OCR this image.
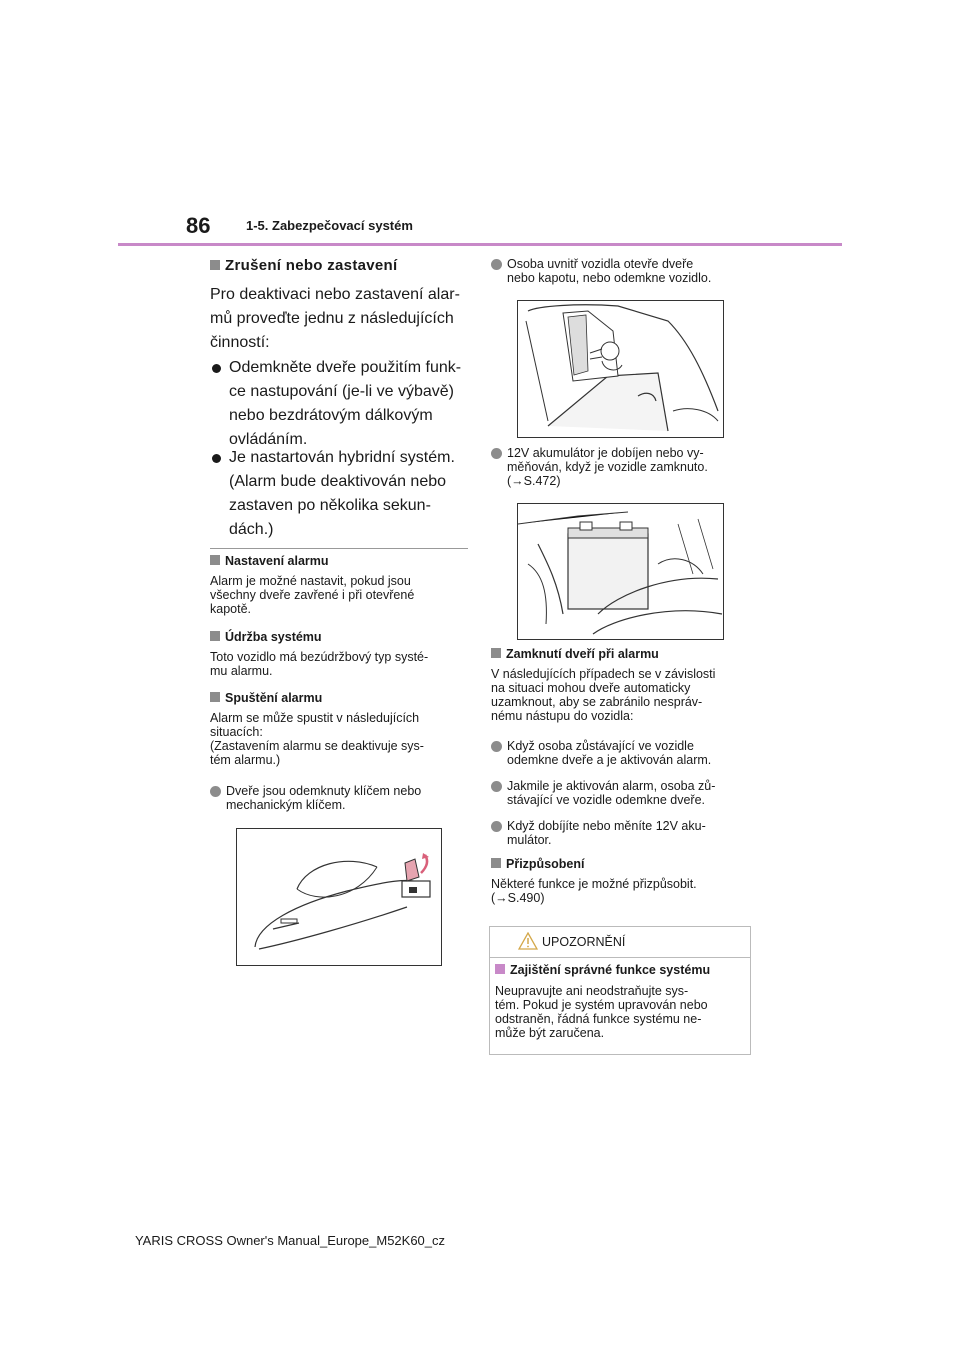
86	1-5. Zabezpečovací systém
Zrušení nebo zastavení
Pro deaktivaci nebo zastavení alar-
mů proveďte jednu z následujících
činností:
Odemkněte dveře použitím funk-
ce nastupování (je-li ve výbavě)
nebo bezdrátovým dálkovým
ovládáním.
Je nastartován hybridní systém.
(Alarm bude deaktivován nebo
zastaven po několika sekun-
dách.)
Nastavení alarmu
Alarm je možné nastavit, pokud jsou
všechny dveře zavřené i při otevřené
kapotě.
Údržba systému
Toto vozidlo má bezúdržbový typ systé-
mu alarmu.
Spuštění alarmu
Alarm se může spustit v následujících
situacích:
(Zastavením alarmu se deaktivuje sys-
tém alarmu.)
Dveře jsou odemknuty klíčem nebo
mechanickým klíčem.
Osoba uvnitř vozidla otevře dveře
nebo kapotu, nebo odemkne vozidlo.
12V akumulátor je dobíjen nebo vy-
měňován, když je vozidle zamknuto.
(→S.472)
Zamknutí dveří při alarmu
V následujících případech se v závislosti
na situaci mohou dveře automaticky
uzamknout, aby se zabránilo nespráv-
nému nástupu do vozidla:
Když osoba zůstávající ve vozidle
odemkne dveře a je aktivován alarm.
Jakmile je aktivován alarm, osoba zů-
stávající ve vozidle odemkne dveře.
Když dobíjíte nebo měníte 12V aku-
mulátor.
Přizpůsobení
Některé funkce je možné přizpůsobit.
(→S.490)
UPOZORNĚNÍ
Zajištění správné funkce systému
Neupravujte ani neodstraňujte sys-
tém. Pokud je systém upravován nebo
odstraněn, řádná funkce systému ne-
může být zaručena.
YARIS CROSS Owner's Manual_Europe_M52K60_cz
